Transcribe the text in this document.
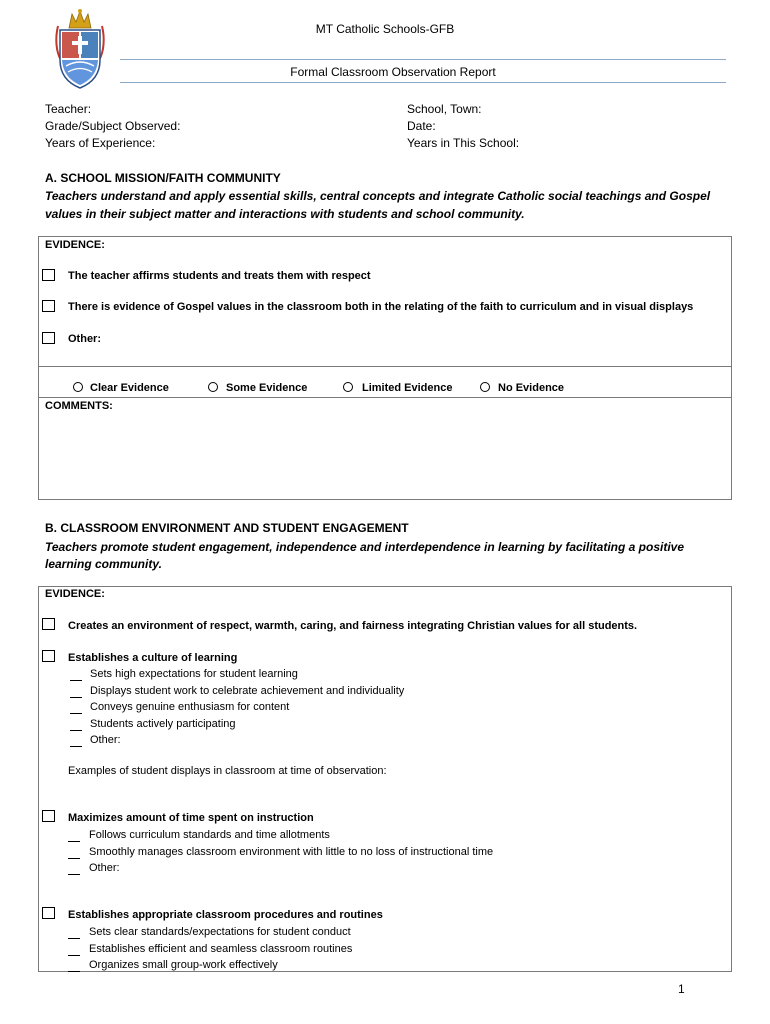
MT Catholic Schools-GFB
Formal Classroom Observation Report
Teacher:
Grade/Subject Observed:
Years of Experience:
School, Town:
Date:
Years in This School:
A. SCHOOL MISSION/FAITH COMMUNITY
Teachers understand and apply essential skills, central concepts and integrate Catholic social teachings and Gospel
values in their subject matter and interactions with students and school community.
EVIDENCE:
The teacher affirms students and treats them with respect
There is evidence of Gospel values in the classroom both in the relating of the faith to curriculum and in visual displays
Other:
Clear Evidence	Some Evidence	Limited Evidence	No Evidence
COMMENTS:
B. CLASSROOM ENVIRONMENT AND STUDENT ENGAGEMENT
Teachers promote student engagement, independence and interdependence in learning by facilitating a positive
learning community.
EVIDENCE:
Creates an environment of respect, warmth, caring, and fairness integrating Christian values for all students.
Establishes a culture of learning
Sets high expectations for student learning
Displays student work to celebrate achievement and individuality
Conveys genuine enthusiasm for content
Students actively participating
Other:
Examples of student displays in classroom at time of observation:
Maximizes amount of time spent on instruction
Follows curriculum standards and time allotments
Smoothly manages classroom environment with little to no loss of instructional time
Other:
Establishes appropriate classroom procedures and routines
Sets clear standards/expectations for student conduct
Establishes efficient and seamless classroom routines
Organizes small group-work effectively
1
